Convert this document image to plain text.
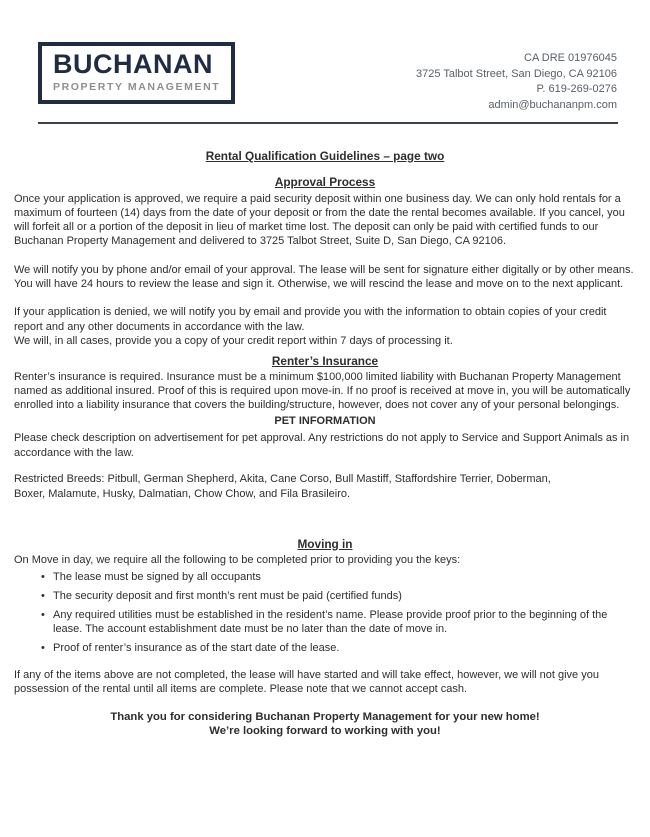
BUCHANAN
PROPERTY MANAGEMENT
CA DRE 01976045
3725 Talbot Street, San Diego, CA 92106
P. 619-269-0276
admin@buchananpm.com
Rental Qualification Guidelines – page two
Approval Process

Once your application is approved, we require a paid security deposit within one business day. We can only hold rentals for a maximum of fourteen (14) days from the date of your deposit or from the date the rental becomes available. If you cancel, you will forfeit all or a portion of the deposit in lieu of market time lost. The deposit can only be paid with certified funds to our Buchanan Property Management and delivered to 3725 Talbot Street, Suite D, San Diego, CA 92106.

We will notify you by phone and/or email of your approval. The lease will be sent for signature either digitally or by other means. You will have 24 hours to review the lease and sign it. Otherwise, we will rescind the lease and move on to the next applicant.

If your application is denied, we will notify you by email and provide you with the information to obtain copies of your credit report and any other documents in accordance with the law.
We will, in all cases, provide you a copy of your credit report within 7 days of processing it.

Renter’s Insurance

Renter’s insurance is required. Insurance must be a minimum $100,000 limited liability with Buchanan Property Management named as additional insured. Proof of this is required upon move-in. If no proof is received at move in, you will be automatically enrolled into a liability insurance that covers the building/structure, however, does not cover any of your personal belongings.

PET INFORMATION

Please check description on advertisement for pet approval. Any restrictions do not apply to Service and Support Animals as in accordance with the law.

Restricted Breeds: Pitbull, German Shepherd, Akita, Cane Corso, Bull Mastiff, Staffordshire Terrier, Doberman,
Boxer, Malamute, Husky, Dalmatian, Chow Chow, and Fila Brasileiro.

Moving in

On Move in day, we require all the following to be completed prior to providing you the keys:

• The lease must be signed by all occupants
• The security deposit and first month’s rent must be paid (certified funds)
• Any required utilities must be established in the resident’s name. Please provide proof prior to the beginning of the lease. The account establishment date must be no later than the date of move in.
• Proof of renter’s insurance as of the start date of the lease.

If any of the items above are not completed, the lease will have started and will take effect, however, we will not give you possession of the rental until all items are complete. Please note that we cannot accept cash.

Thank you for considering Buchanan Property Management for your new home!
We’re looking forward to working with you!
